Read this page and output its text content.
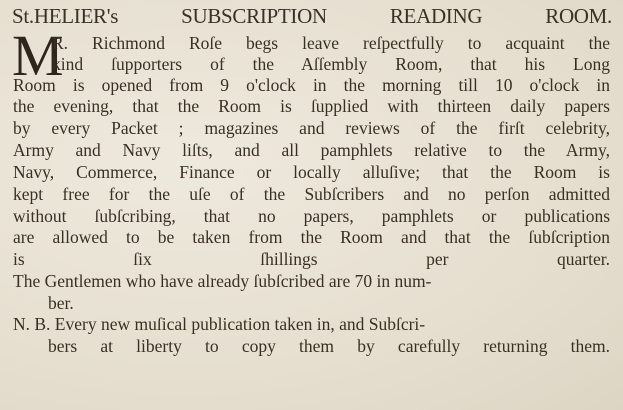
St.HELIER's SUBSCRIPTION READING ROOM.
M
R. Richmond Roſe begs leave reſpectfully to acquaint the
kind ſupporters of the Aſſembly Room, that his Long
Room is opened from 9 o'clock in the morning till 10 o'clock in
the evening, that the Room is ſupplied with thirteen daily papers
by every Packet ; magazines and reviews of the firſt celebrity,
Army and Navy liſts, and all pamphlets relative to the Army,
Navy, Commerce, Finance or locally alluſive; that the Room is
kept free for the uſe of the Subſcribers and no perſon admitted
without ſubſcribing, that no papers, pamphlets or publications
are allowed to be taken from the Room and that the ſubſcription
is ſix ſhillings per quarter.
The Gentlemen who have already ſubſcribed are 70 in num-
ber.
N. B. Every new muſical publication taken in, and Subſcri-
bers at liberty to copy them by carefully returning them.
